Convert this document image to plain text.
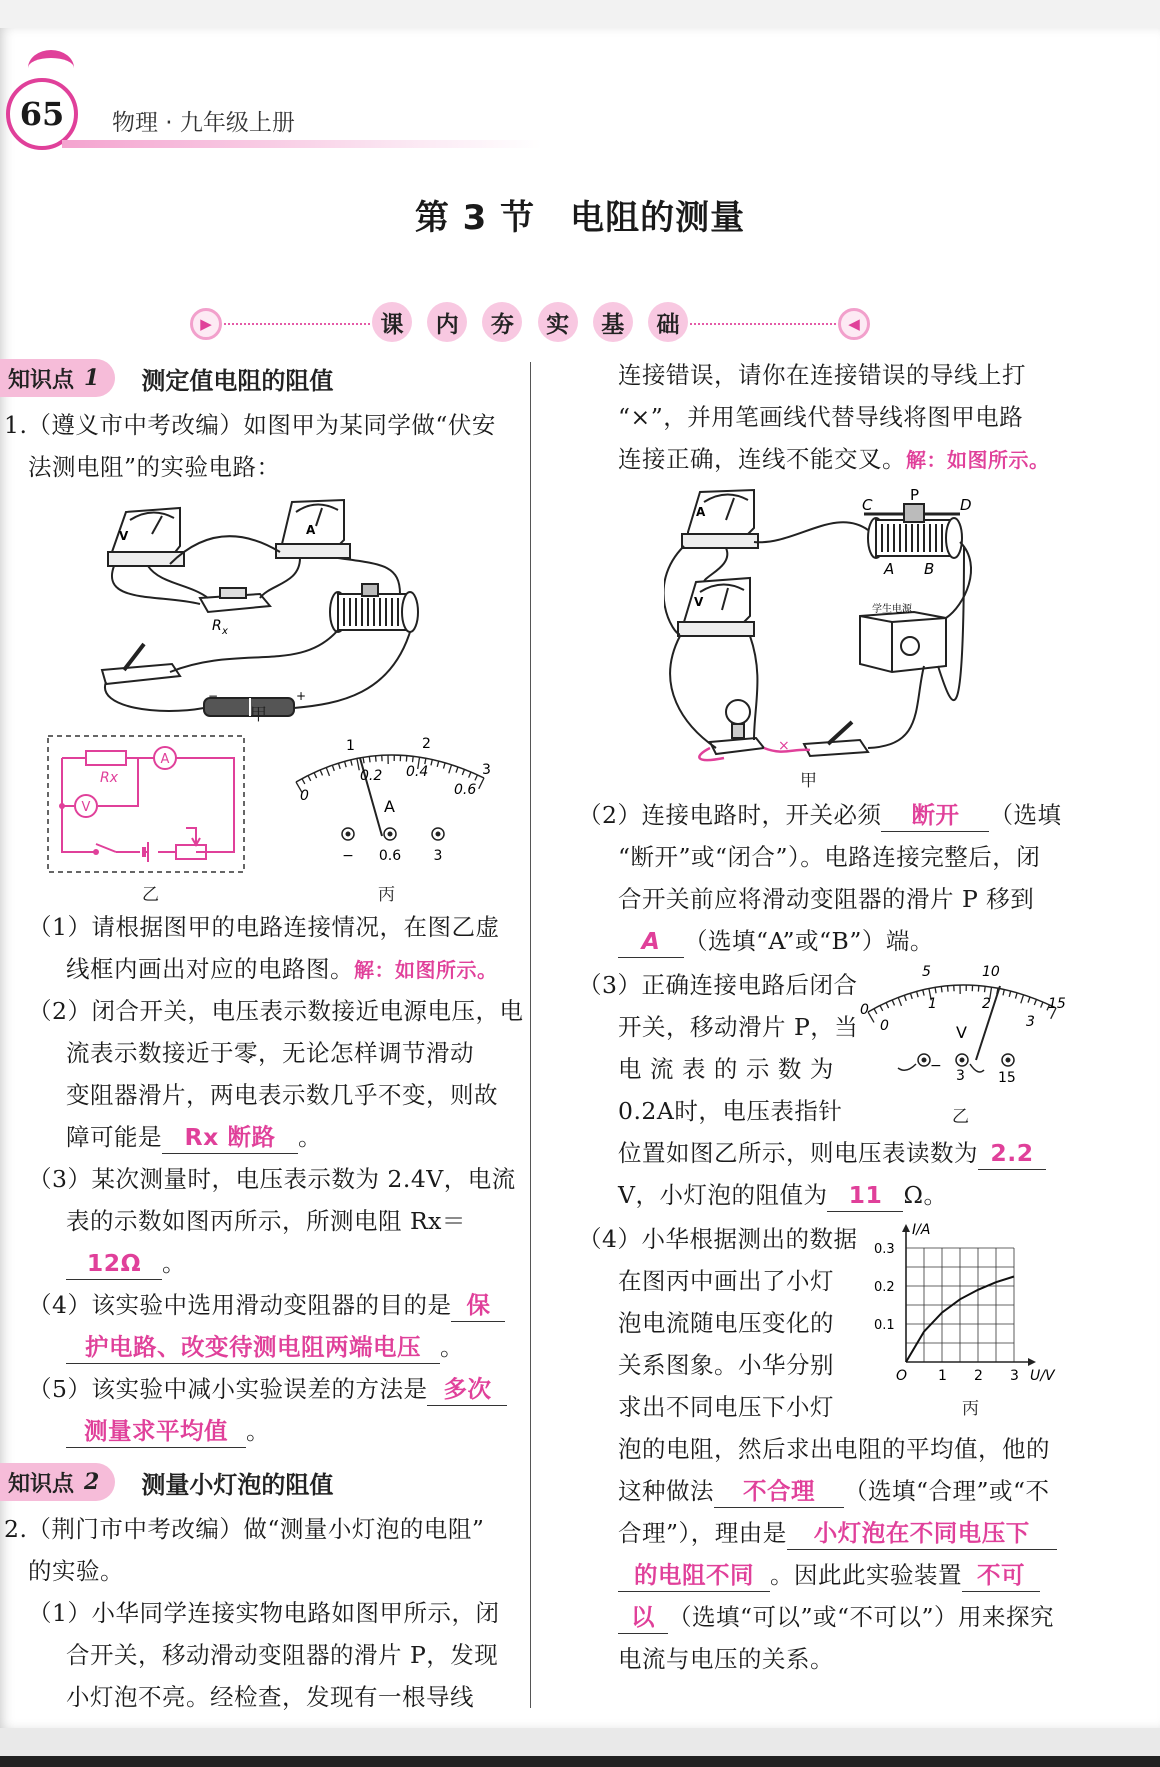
65	物理 · 九年级上册
第 3 节　电阻的测量
▶	课	内	夯	实	基	础	◀
知识点 1 测定值电阻的阻值
1.（遵义市中考改编）如图甲为某同学做“伏安
法测电阻”的实验电路：
V	A
R x
−	+
甲
A
V
Rx
乙
1	2
3
0
0.2 0.4
0.6
A
− 0.6 3
丙
（1）请根据图甲的电路连接情况，在图乙虚
线框内画出对应的电路图。解：如图所示。
（2）闭合开关，电压表示数接近电源电压，电
流表示数接近于零，无论怎样调节滑动
变阻器滑片，两电表示数几乎不变，则故
障可能是 Rx 断路 。
（3）某次测量时，电压表示数为 2.4V，电流
表的示数如图丙所示，所测电阻 Rx＝
12Ω 。
（4）该实验中选用滑动变阻器的目的是 保
护电路、改变待测电阻两端电压 。
（5）该实验中减小实验误差的方法是 多次
测量求平均值 。
知识点 2 测量小灯泡的阻值
2.（荆门市中考改编）做“测量小灯泡的电阻”
的实验。
（1）小华同学连接实物电路如图甲所示，闭
合开关，移动滑动变阻器的滑片 P，发现
小灯泡不亮。经检查，发现有一根导线
连接错误，请你在连接错误的导线上打
“×”，并用笔画线代替导线将图甲电路
连接正确，连线不能交叉。解：如图所示。
×
A
V
学生电源
C
P
D
A B
甲
（2）连接电路时，开关必须 断开 （选填
“断开”或“闭合”）。电路连接完整后，闭
合开关前应将滑动变阻器的滑片 P 移到
A （选填“A”或“B”）端。
（3）正确连接电路后闭合
开关，移动滑片 P，当
电 流 表 的 示 数 为
0.2A时，电压表指针
0
5	10
15
0
1	2
3
V
−
3 15
乙
位置如图乙所示，则电压表读数为 2.2
V，小灯泡的阻值为 11 Ω。
（4）小华根据测出的数据
在图丙中画出了小灯
泡电流随电压变化的
关系图象。小华分别
求出不同电压下小灯
O 1 2 3
0.1
0.2
0.3
U/V
I/A
丙
泡的电阻，然后求出电阻的平均值，他的
这种做法 不合理 （选填“合理”或“不
合理”），理由是 小灯泡在不同电压下
的电阻不同 。因此此实验装置 不可
以 （选填“可以”或“不可以”）用来探究
电流与电压的关系。
